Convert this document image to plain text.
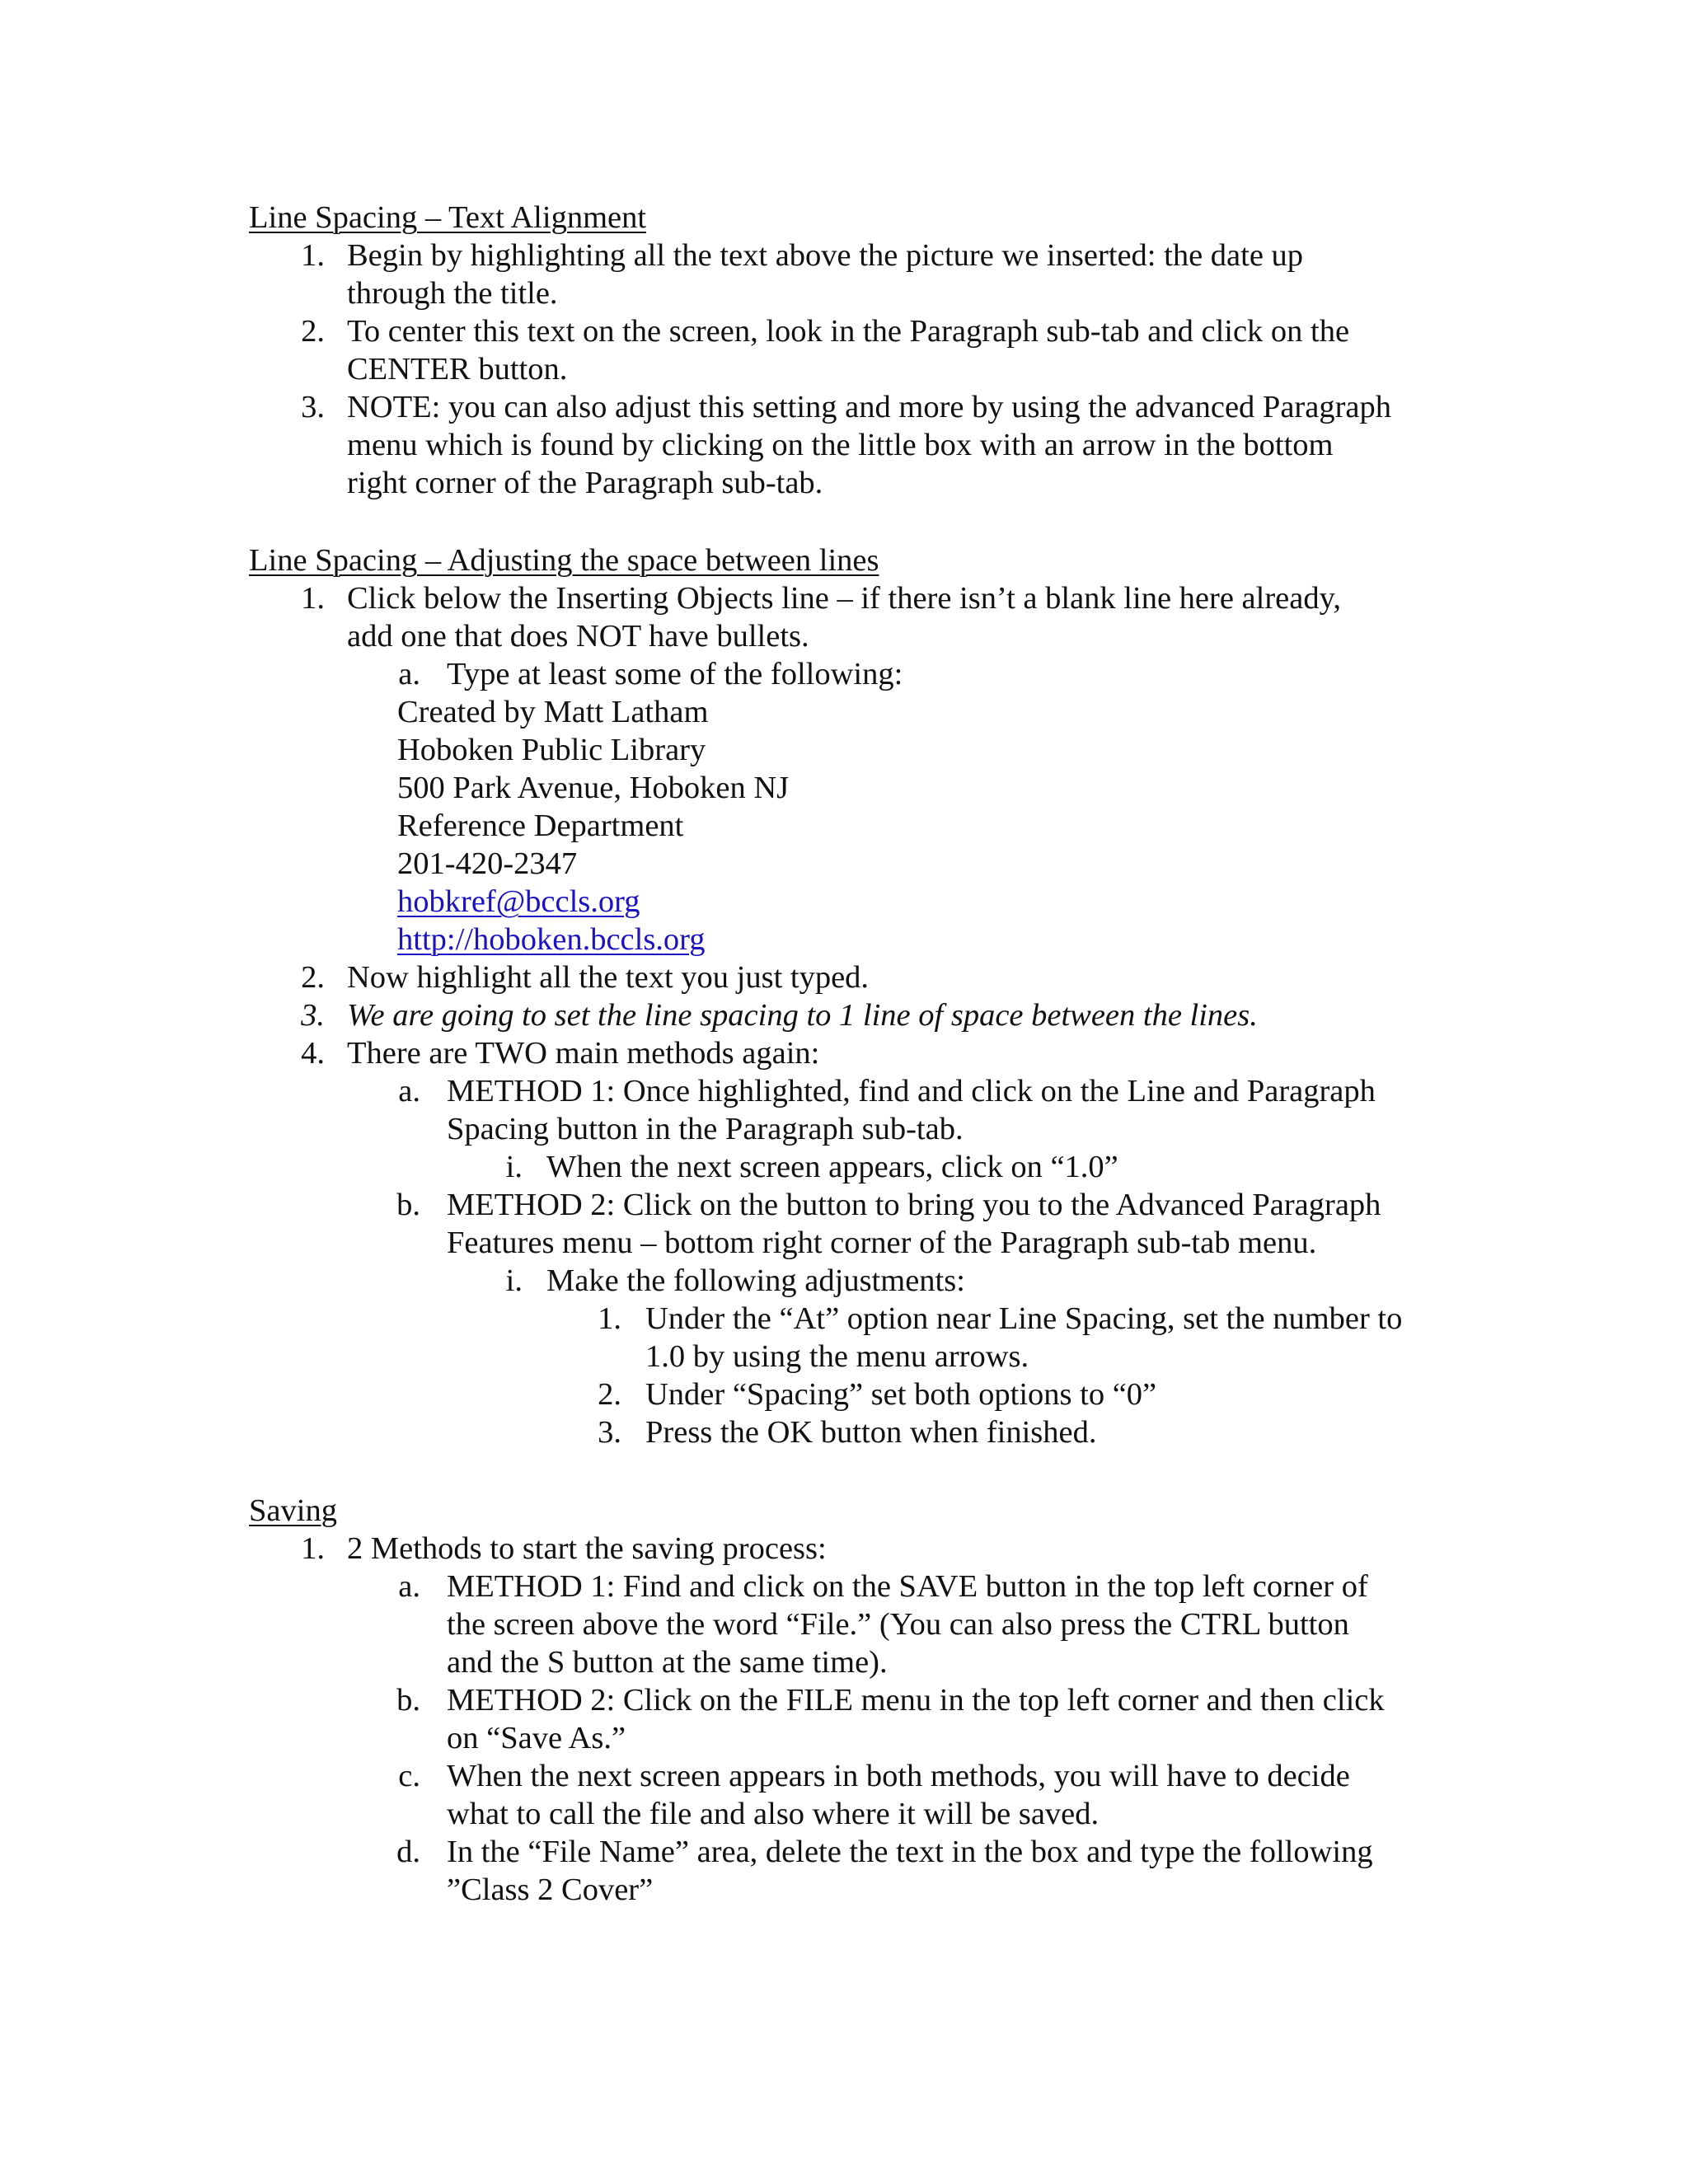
Line Spacing – Text Alignment
1. Begin by highlighting all the text above the picture we inserted: the date up
through the title.
2. To center this text on the screen, look in the Paragraph sub-tab and click on the
CENTER button.
3. NOTE: you can also adjust this setting and more by using the advanced Paragraph
menu which is found by clicking on the little box with an arrow in the bottom
right corner of the Paragraph sub-tab.
Line Spacing – Adjusting the space between lines
1. Click below the Inserting Objects line – if there isn’t a blank line here already,
add one that does NOT have bullets.
a. Type at least some of the following:
Created by Matt Latham
Hoboken Public Library
500 Park Avenue, Hoboken NJ
Reference Department
201-420-2347
hobkref@bccls.org
http://hoboken.bccls.org
2. Now highlight all the text you just typed.
3. We are going to set the line spacing to 1 line of space between the lines.
4. There are TWO main methods again:
a. METHOD 1: Once highlighted, find and click on the Line and Paragraph
Spacing button in the Paragraph sub-tab.
i. When the next screen appears, click on “1.0”
b. METHOD 2: Click on the button to bring you to the Advanced Paragraph
Features menu – bottom right corner of the Paragraph sub-tab menu.
i. Make the following adjustments:
1. Under the “At” option near Line Spacing, set the number to
1.0 by using the menu arrows.
2. Under “Spacing” set both options to “0”
3. Press the OK button when finished.
Saving
1. 2 Methods to start the saving process:
a. METHOD 1: Find and click on the SAVE button in the top left corner of
the screen above the word “File.” (You can also press the CTRL button
and the S button at the same time).
b. METHOD 2: Click on the FILE menu in the top left corner and then click
on “Save As.”
c. When the next screen appears in both methods, you will have to decide
what to call the file and also where it will be saved.
d. In the “File Name” area, delete the text in the box and type the following
”Class 2 Cover”
